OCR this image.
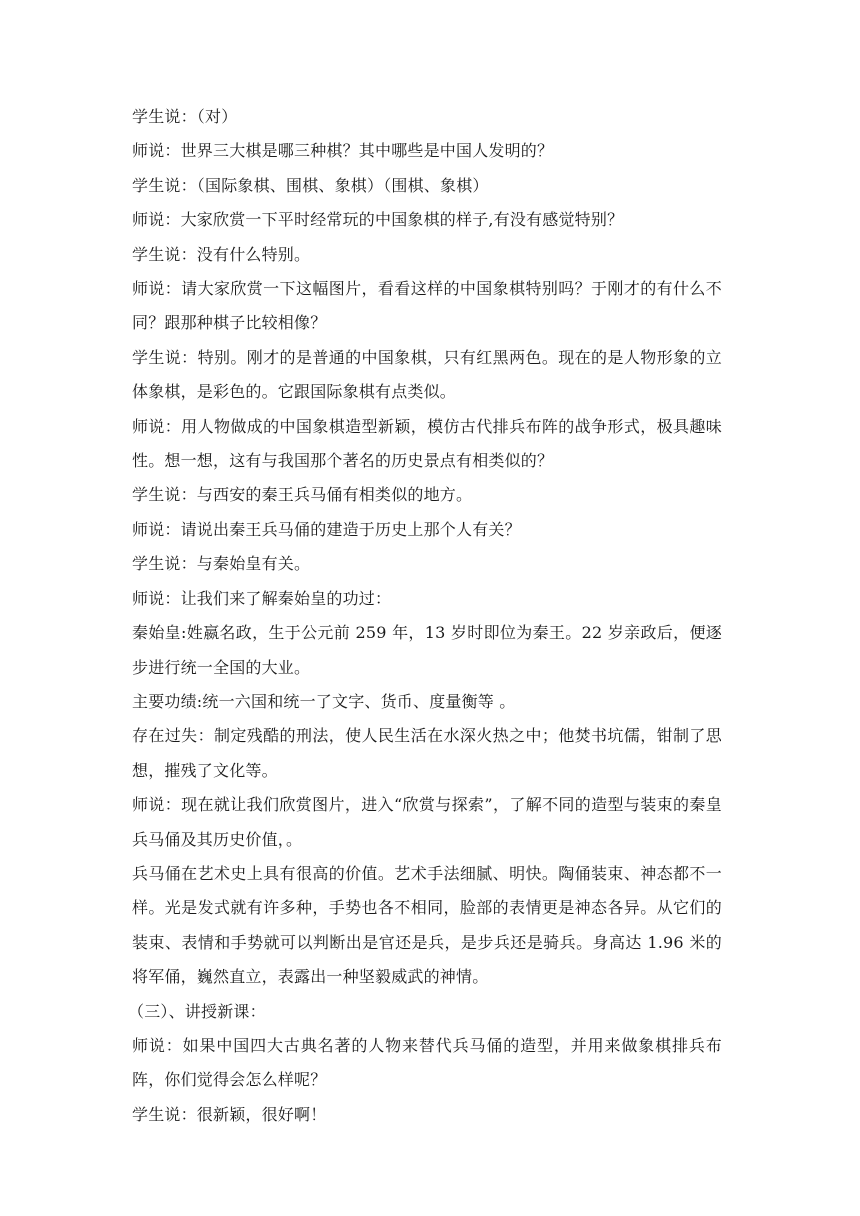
学生说：（对）

师说：世界三大棋是哪三种棋？其中哪些是中国人发明的？

学生说：（国际象棋、围棋、象棋）（围棋、象棋）

师说：大家欣赏一下平时经常玩的中国象棋的样子,有没有感觉特别？

学生说：没有什么特别。

师说：请大家欣赏一下这幅图片，看看这样的中国象棋特别吗？于刚才的有什么不同？跟那种棋子比较相像？

学生说：特别。刚才的是普通的中国象棋，只有红黑两色。现在的是人物形象的立体象棋，是彩色的。它跟国际象棋有点类似。

师说：用人物做成的中国象棋造型新颖，模仿古代排兵布阵的战争形式，极具趣味性。想一想，这有与我国那个著名的历史景点有相类似的？

学生说：与西安的秦王兵马俑有相类似的地方。

师说：请说出秦王兵马俑的建造于历史上那个人有关？

学生说：与秦始皇有关。

师说：让我们来了解秦始皇的功过：

秦始皇:姓嬴名政，生于公元前 259 年，13 岁时即位为秦王。22 岁亲政后，便逐步进行统一全国的大业。

主要功绩:统一六国和统一了文字、货币、度量衡等 。

存在过失：制定残酷的刑法，使人民生活在水深火热之中；他焚书坑儒，钳制了思想，摧残了文化等。

师说：现在就让我们欣赏图片，进入“欣赏与探索”，了解不同的造型与装束的秦皇兵马俑及其历史价值，。

兵马俑在艺术史上具有很高的价值。艺术手法细腻、明快。陶俑装束、神态都不一样。光是发式就有许多种，手势也各不相同，脸部的表情更是神态各异。从它们的装束、表情和手势就可以判断出是官还是兵，是步兵还是骑兵。身高达 1.96 米的将军俑，巍然直立，表露出一种坚毅威武的神情。

（三）、讲授新课：

师说：如果中国四大古典名著的人物来替代兵马俑的造型，并用来做象棋排兵布阵，你们觉得会怎么样呢？

学生说：很新颖，很好啊！
